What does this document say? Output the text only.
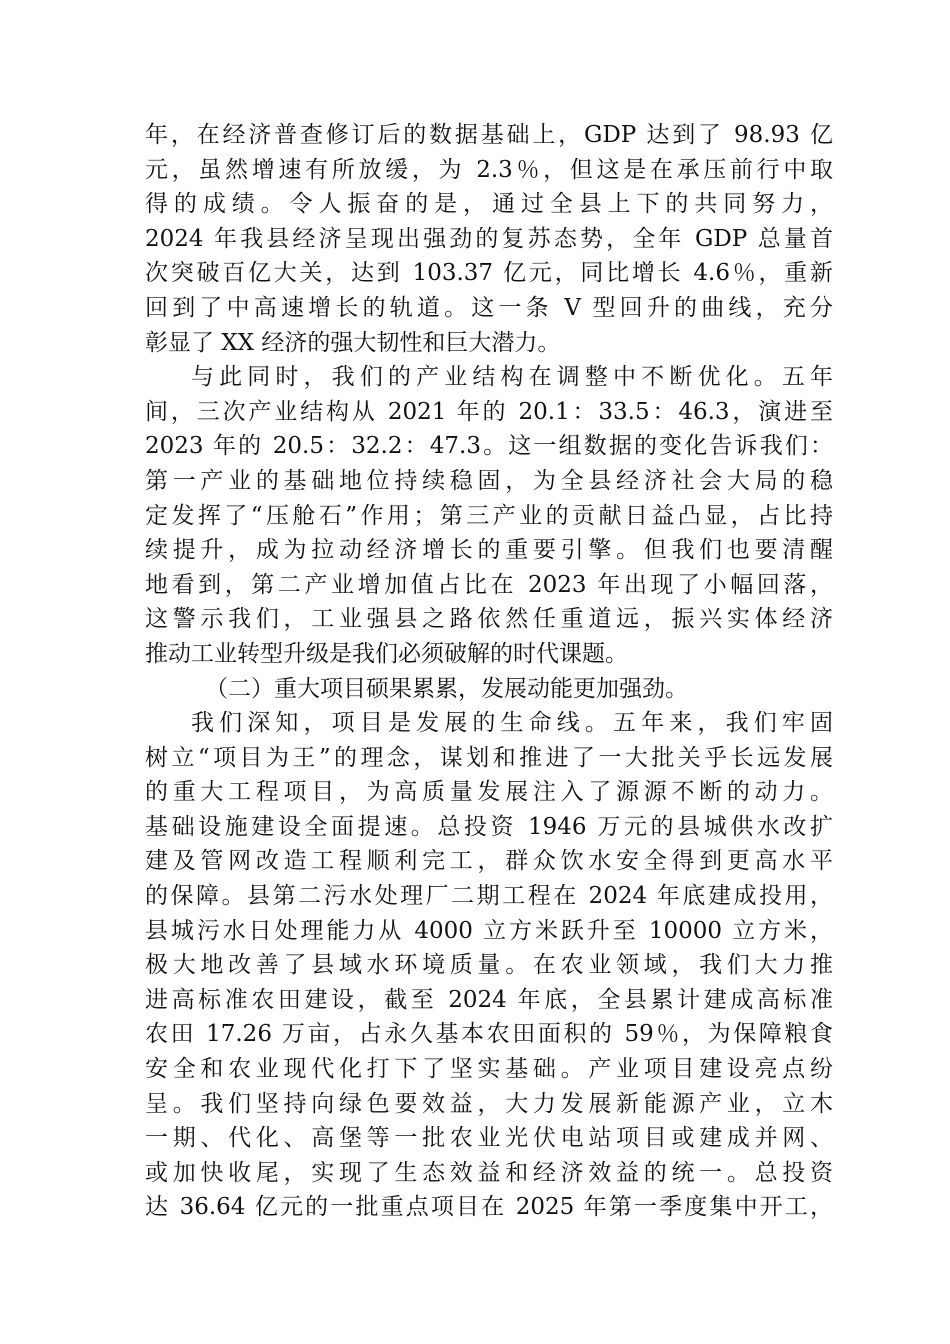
年，在经济普查修订后的数据基础上，GDP 达到了 98.93 亿
元，虽然增速有所放缓，为 2.3％，但这是在承压前行中取
得的成绩。令人振奋的是，通过全县上下的共同努力，
2024 年我县经济呈现出强劲的复苏态势，全年 GDP 总量首
次突破百亿大关，达到 103.37 亿元，同比增长 4.6％，重新
回到了中高速增长的轨道。这一条 V 型回升的曲线，充分
彰显了 XX 经济的强大韧性和巨大潜力。
与此同时，我们的产业结构在调整中不断优化。五年
间，三次产业结构从 2021 年的 20.1：33.5：46.3，演进至
2023 年的 20.5：32.2：47.3。这一组数据的变化告诉我们：
第一产业的基础地位持续稳固，为全县经济社会大局的稳
定发挥了“压舱石”作用；第三产业的贡献日益凸显，占比持
续提升，成为拉动经济增长的重要引擎。但我们也要清醒
地看到，第二产业增加值占比在 2023 年出现了小幅回落，
这警示我们，工业强县之路依然任重道远，振兴实体经济
推动工业转型升级是我们必须破解的时代课题。
（二）重大项目硕果累累，发展动能更加强劲。
我们深知，项目是发展的生命线。五年来，我们牢固
树立“项目为王”的理念，谋划和推进了一大批关乎长远发展
的重大工程项目，为高质量发展注入了源源不断的动力。
基础设施建设全面提速。总投资 1946 万元的县城供水改扩
建及管网改造工程顺利完工，群众饮水安全得到更高水平
的保障。县第二污水处理厂二期工程在 2024 年底建成投用，
县城污水日处理能力从 4000 立方米跃升至 10000 立方米，
极大地改善了县域水环境质量。在农业领域，我们大力推
进高标准农田建设，截至 2024 年底，全县累计建成高标准
农田 17.26 万亩，占永久基本农田面积的 59％，为保障粮食
安全和农业现代化打下了坚实基础。产业项目建设亮点纷
呈。我们坚持向绿色要效益，大力发展新能源产业，立木
一期、代化、高堡等一批农业光伏电站项目或建成并网、
或加快收尾，实现了生态效益和经济效益的统一。总投资
达 36.64 亿元的一批重点项目在 2025 年第一季度集中开工，
